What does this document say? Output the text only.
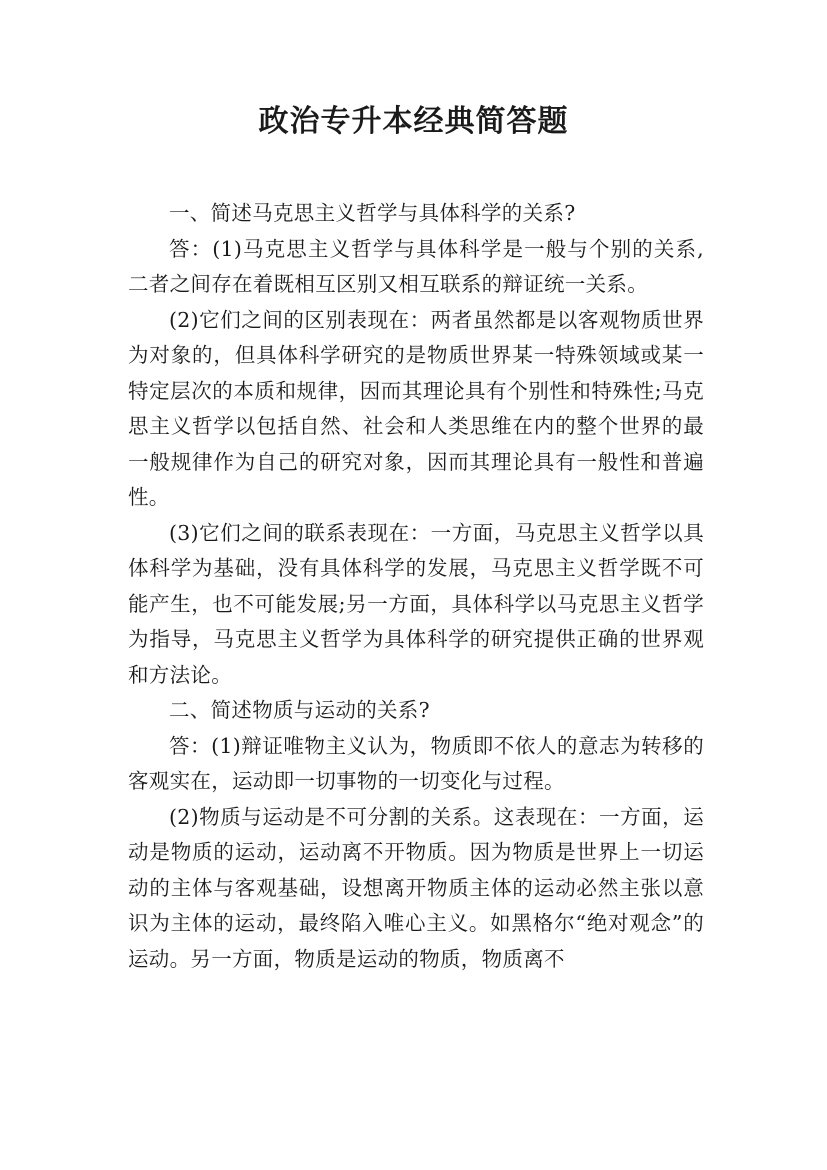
政治专升本经典简答题

一、简述马克思主义哲学与具体科学的关系?

答：(1)马克思主义哲学与具体科学是一般与个别的关系,二者之间存在着既相互区别又相互联系的辩证统一关系。

(2)它们之间的区别表现在：两者虽然都是以客观物质世界为对象的，但具体科学研究的是物质世界某一特殊领域或某一特定层次的本质和规律，因而其理论具有个别性和特殊性;马克思主义哲学以包括自然、社会和人类思维在内的整个世界的最一般规律作为自己的研究对象，因而其理论具有一般性和普遍性。

(3)它们之间的联系表现在：一方面，马克思主义哲学以具体科学为基础，没有具体科学的发展，马克思主义哲学既不可能产生，也不可能发展;另一方面，具体科学以马克思主义哲学为指导，马克思主义哲学为具体科学的研究提供正确的世界观和方法论。

二、简述物质与运动的关系?

答：(1)辩证唯物主义认为，物质即不依人的意志为转移的客观实在，运动即一切事物的一切变化与过程。

(2)物质与运动是不可分割的关系。这表现在：一方面，运动是物质的运动，运动离不开物质。因为物质是世界上一切运动的主体与客观基础，设想离开物质主体的运动必然主张以意识为主体的运动，最终陷入唯心主义。如黑格尔“绝对观念”的运动。另一方面，物质是运动的物质，物质离不
